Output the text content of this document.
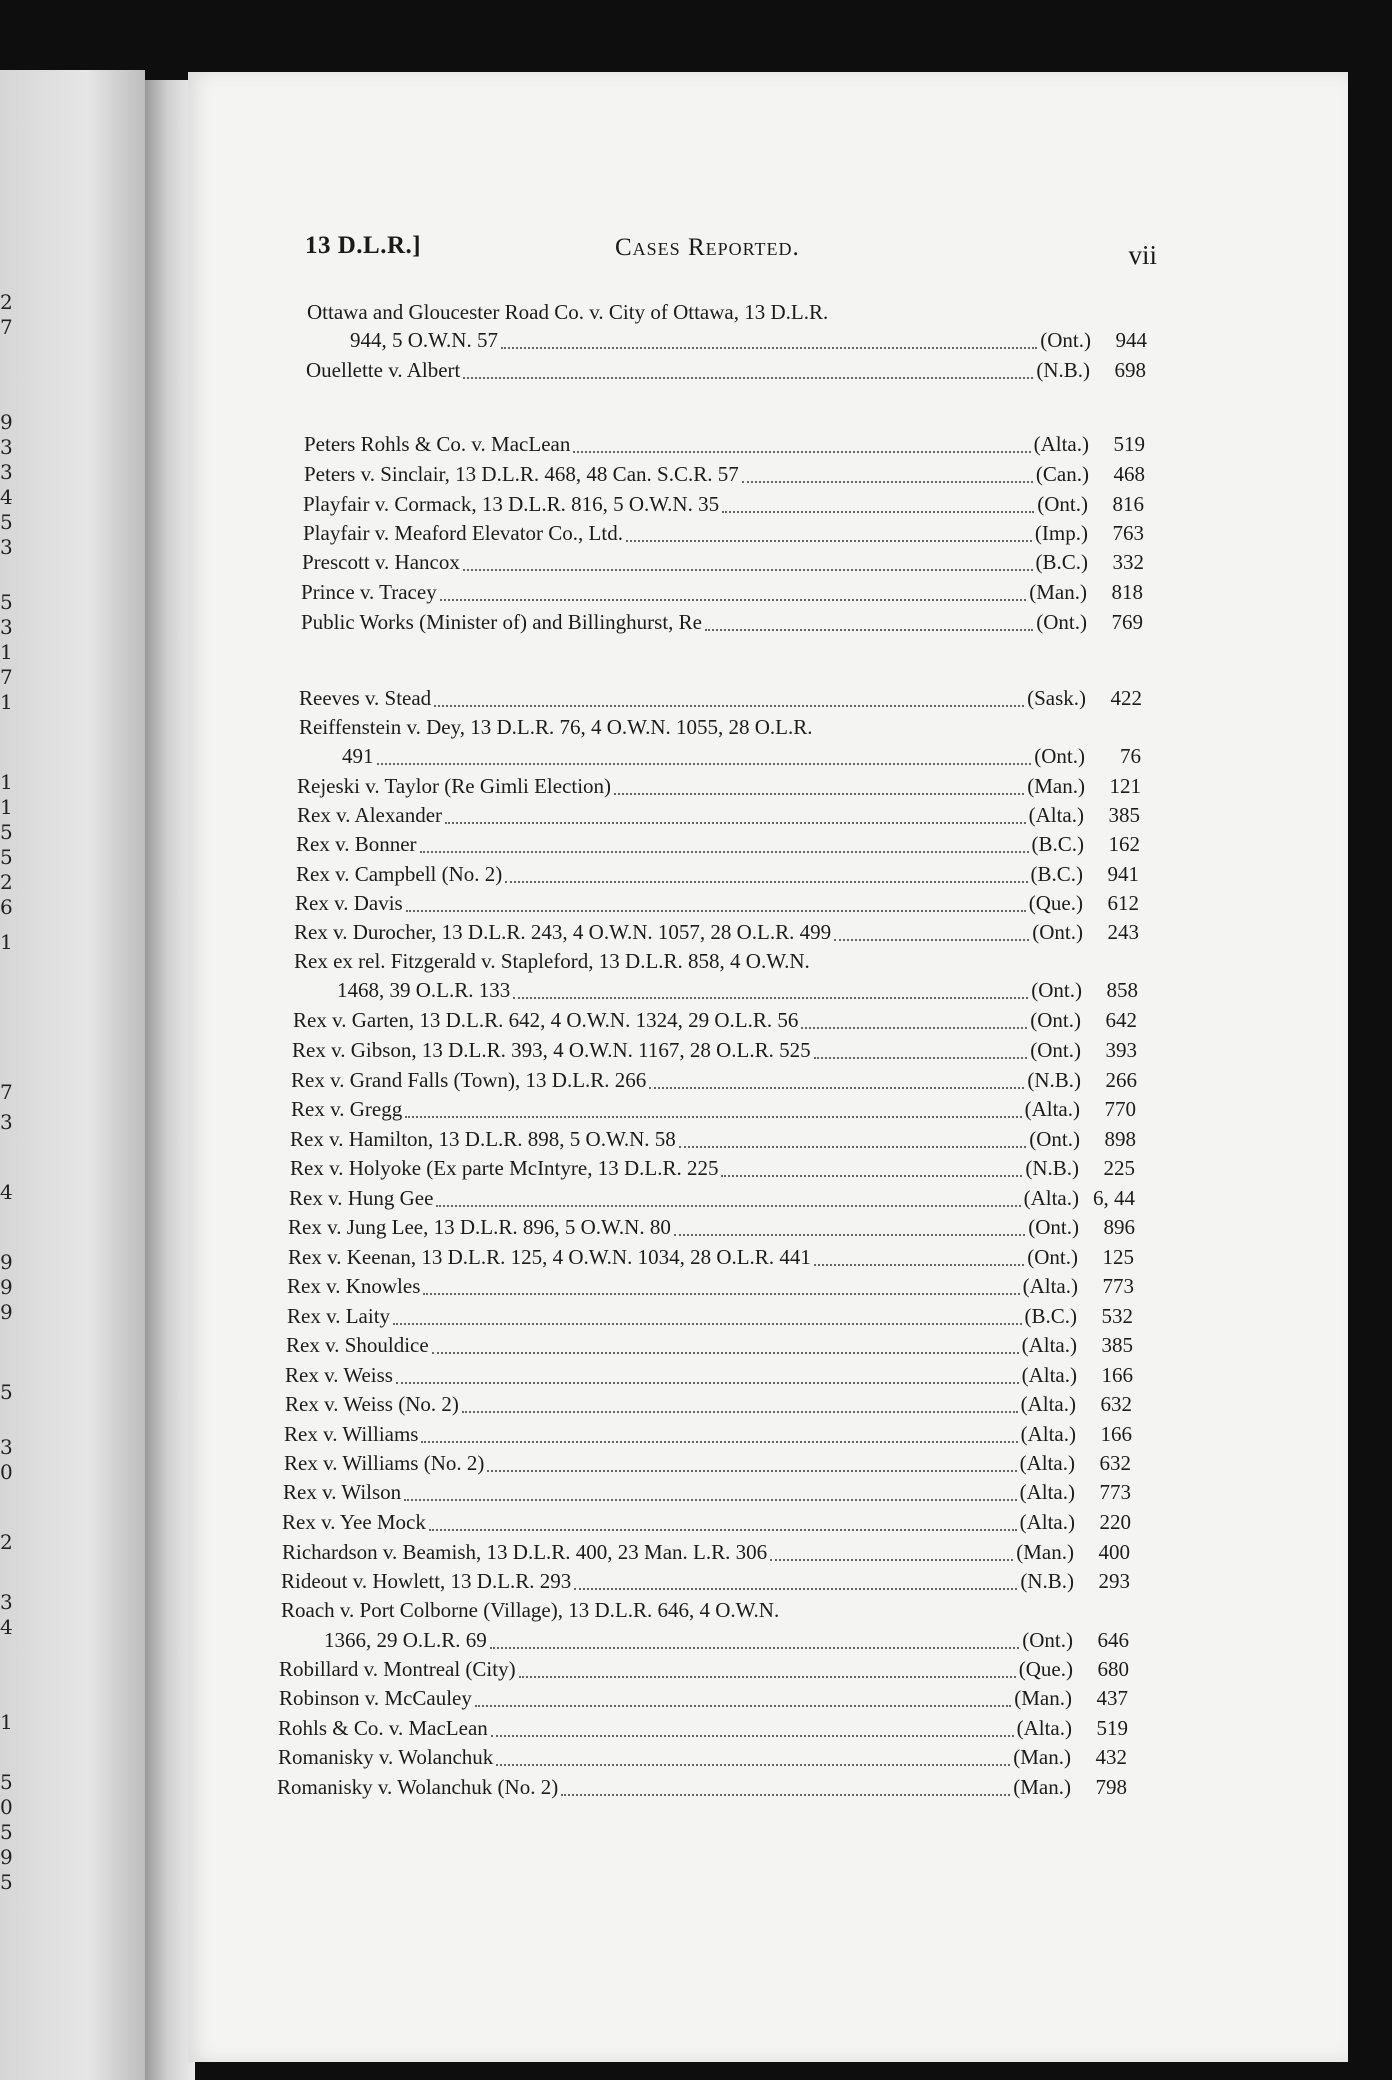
2
7
9
3
3
4
5
3
5
3
1
7
1
1
1
5
5
2
6
1
7
3
4
9
9
9
5
3
0
2
3
4
1
5
0
5
9
5
13 D.L.R.]	Cases Reported.	vii
Ottawa and Gloucester Road Co. v. City of Ottawa, 13 D.L.R.
944, 5 O.W.N. 57	(Ont.)	944
Ouellette v. Albert	(N.B.)	698
Peters Rohls & Co. v. MacLean	(Alta.)	519
Peters v. Sinclair, 13 D.L.R. 468, 48 Can. S.C.R. 57	(Can.)	468
Playfair v. Cormack, 13 D.L.R. 816, 5 O.W.N. 35	(Ont.)	816
Playfair v. Meaford Elevator Co., Ltd.	(Imp.)	763
Prescott v. Hancox	(B.C.)	332
Prince v. Tracey	(Man.)	818
Public Works (Minister of) and Billinghurst, Re	(Ont.)	769
Reeves v. Stead	(Sask.)	422
Reiffenstein v. Dey, 13 D.L.R. 76, 4 O.W.N. 1055, 28 O.L.R.
491	(Ont.)	76
Rejeski v. Taylor (Re Gimli Election)	(Man.)	121
Rex v. Alexander	(Alta.)	385
Rex v. Bonner	(B.C.)	162
Rex v. Campbell (No. 2)	(B.C.)	941
Rex v. Davis	(Que.)	612
Rex v. Durocher, 13 D.L.R. 243, 4 O.W.N. 1057, 28 O.L.R. 499	(Ont.)	243
Rex ex rel. Fitzgerald v. Stapleford, 13 D.L.R. 858, 4 O.W.N.
1468, 39 O.L.R. 133	(Ont.)	858
Rex v. Garten, 13 D.L.R. 642, 4 O.W.N. 1324, 29 O.L.R. 56	(Ont.)	642
Rex v. Gibson, 13 D.L.R. 393, 4 O.W.N. 1167, 28 O.L.R. 525	(Ont.)	393
Rex v. Grand Falls (Town), 13 D.L.R. 266	(N.B.)	266
Rex v. Gregg	(Alta.)	770
Rex v. Hamilton, 13 D.L.R. 898, 5 O.W.N. 58	(Ont.)	898
Rex v. Holyoke (Ex parte McIntyre, 13 D.L.R. 225	(N.B.)	225
Rex v. Hung Gee	(Alta.) 6, 44
Rex v. Jung Lee, 13 D.L.R. 896, 5 O.W.N. 80	(Ont.)	896
Rex v. Keenan, 13 D.L.R. 125, 4 O.W.N. 1034, 28 O.L.R. 441	(Ont.)	125
Rex v. Knowles	(Alta.)	773
Rex v. Laity	(B.C.)	532
Rex v. Shouldice	(Alta.)	385
Rex v. Weiss	(Alta.)	166
Rex v. Weiss (No. 2)	(Alta.)	632
Rex v. Williams	(Alta.)	166
Rex v. Williams (No. 2)	(Alta.)	632
Rex v. Wilson	(Alta.)	773
Rex v. Yee Mock	(Alta.)	220
Richardson v. Beamish, 13 D.L.R. 400, 23 Man. L.R. 306	(Man.)	400
Rideout v. Howlett, 13 D.L.R. 293	(N.B.)	293
Roach v. Port Colborne (Village), 13 D.L.R. 646, 4 O.W.N.
1366, 29 O.L.R. 69	(Ont.)	646
Robillard v. Montreal (City)	(Que.)	680
Robinson v. McCauley	(Man.)	437
Rohls & Co. v. MacLean	(Alta.)	519
Romanisky v. Wolanchuk	(Man.)	432
Romanisky v. Wolanchuk (No. 2)	(Man.)	798
